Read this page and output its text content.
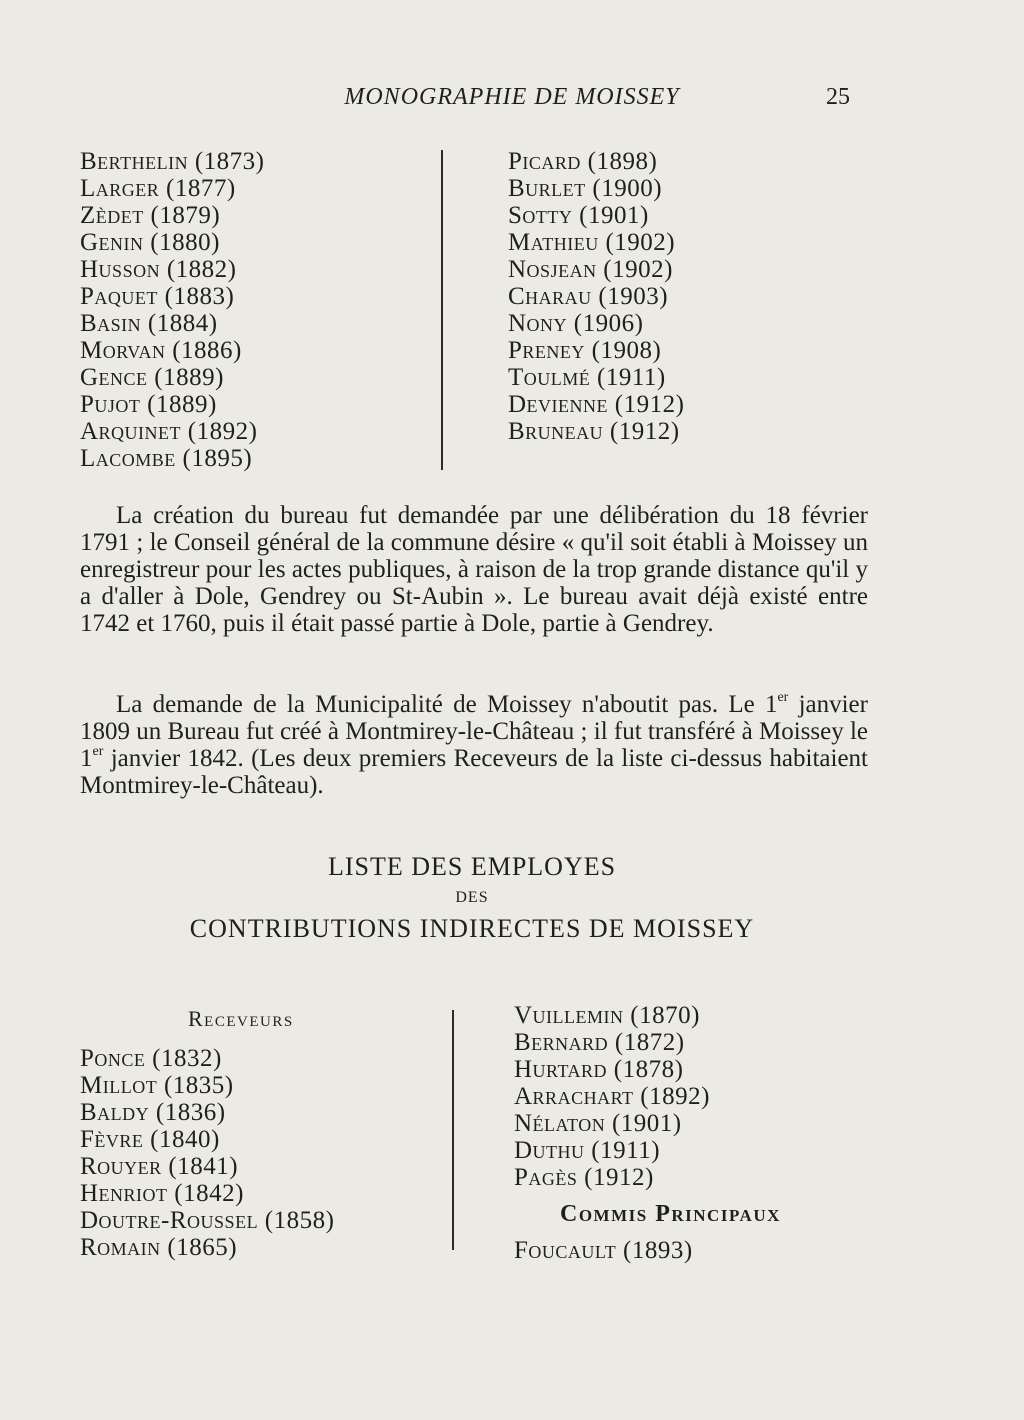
MONOGRAPHIE DE MOISSEY	25
Berthelin (1873)
Larger (1877)
Zèdet (1879)
Genin (1880)
Husson (1882)
Paquet (1883)
Basin (1884)
Morvan (1886)
Gence (1889)
Pujot (1889)
Arquinet (1892)
Lacombe (1895)
Picard (1898)
Burlet (1900)
Sotty (1901)
Mathieu (1902)
Nosjean (1902)
Charau (1903)
Nony (1906)
Preney (1908)
Toulmé (1911)
Devienne (1912)
Bruneau (1912)
La création du bureau fut demandée par une délibération du 18 février 1791 ; le Conseil général de la commune désire « qu'il soit établi à Moissey un enregistreur pour les actes publiques, à raison de la trop grande distance qu'il y a d'aller à Dole, Gendrey ou St-Aubin ». Le bureau avait déjà existé entre 1742 et 1760, puis il était passé partie à Dole, partie à Gendrey.
La demande de la Municipalité de Moissey n'aboutit pas. Le 1er janvier 1809 un Bureau fut créé à Montmirey-le-Château ; il fut transféré à Moissey le 1er janvier 1842. (Les deux premiers Receveurs de la liste ci-dessus habitaient Montmirey-le-Château).
LISTE DES EMPLOYES
DES
CONTRIBUTIONS INDIRECTES DE MOISSEY
Receveurs
Ponce (1832)
Millot (1835)
Baldy (1836)
Fèvre (1840)
Rouyer (1841)
Henriot (1842)
Doutre-Roussel (1858)
Romain (1865)
Vuillemin (1870)
Bernard (1872)
Hurtard (1878)
Arrachart (1892)
Nélaton (1901)
Duthu (1911)
Pagès (1912)
Commis Principaux
Foucault (1893)
